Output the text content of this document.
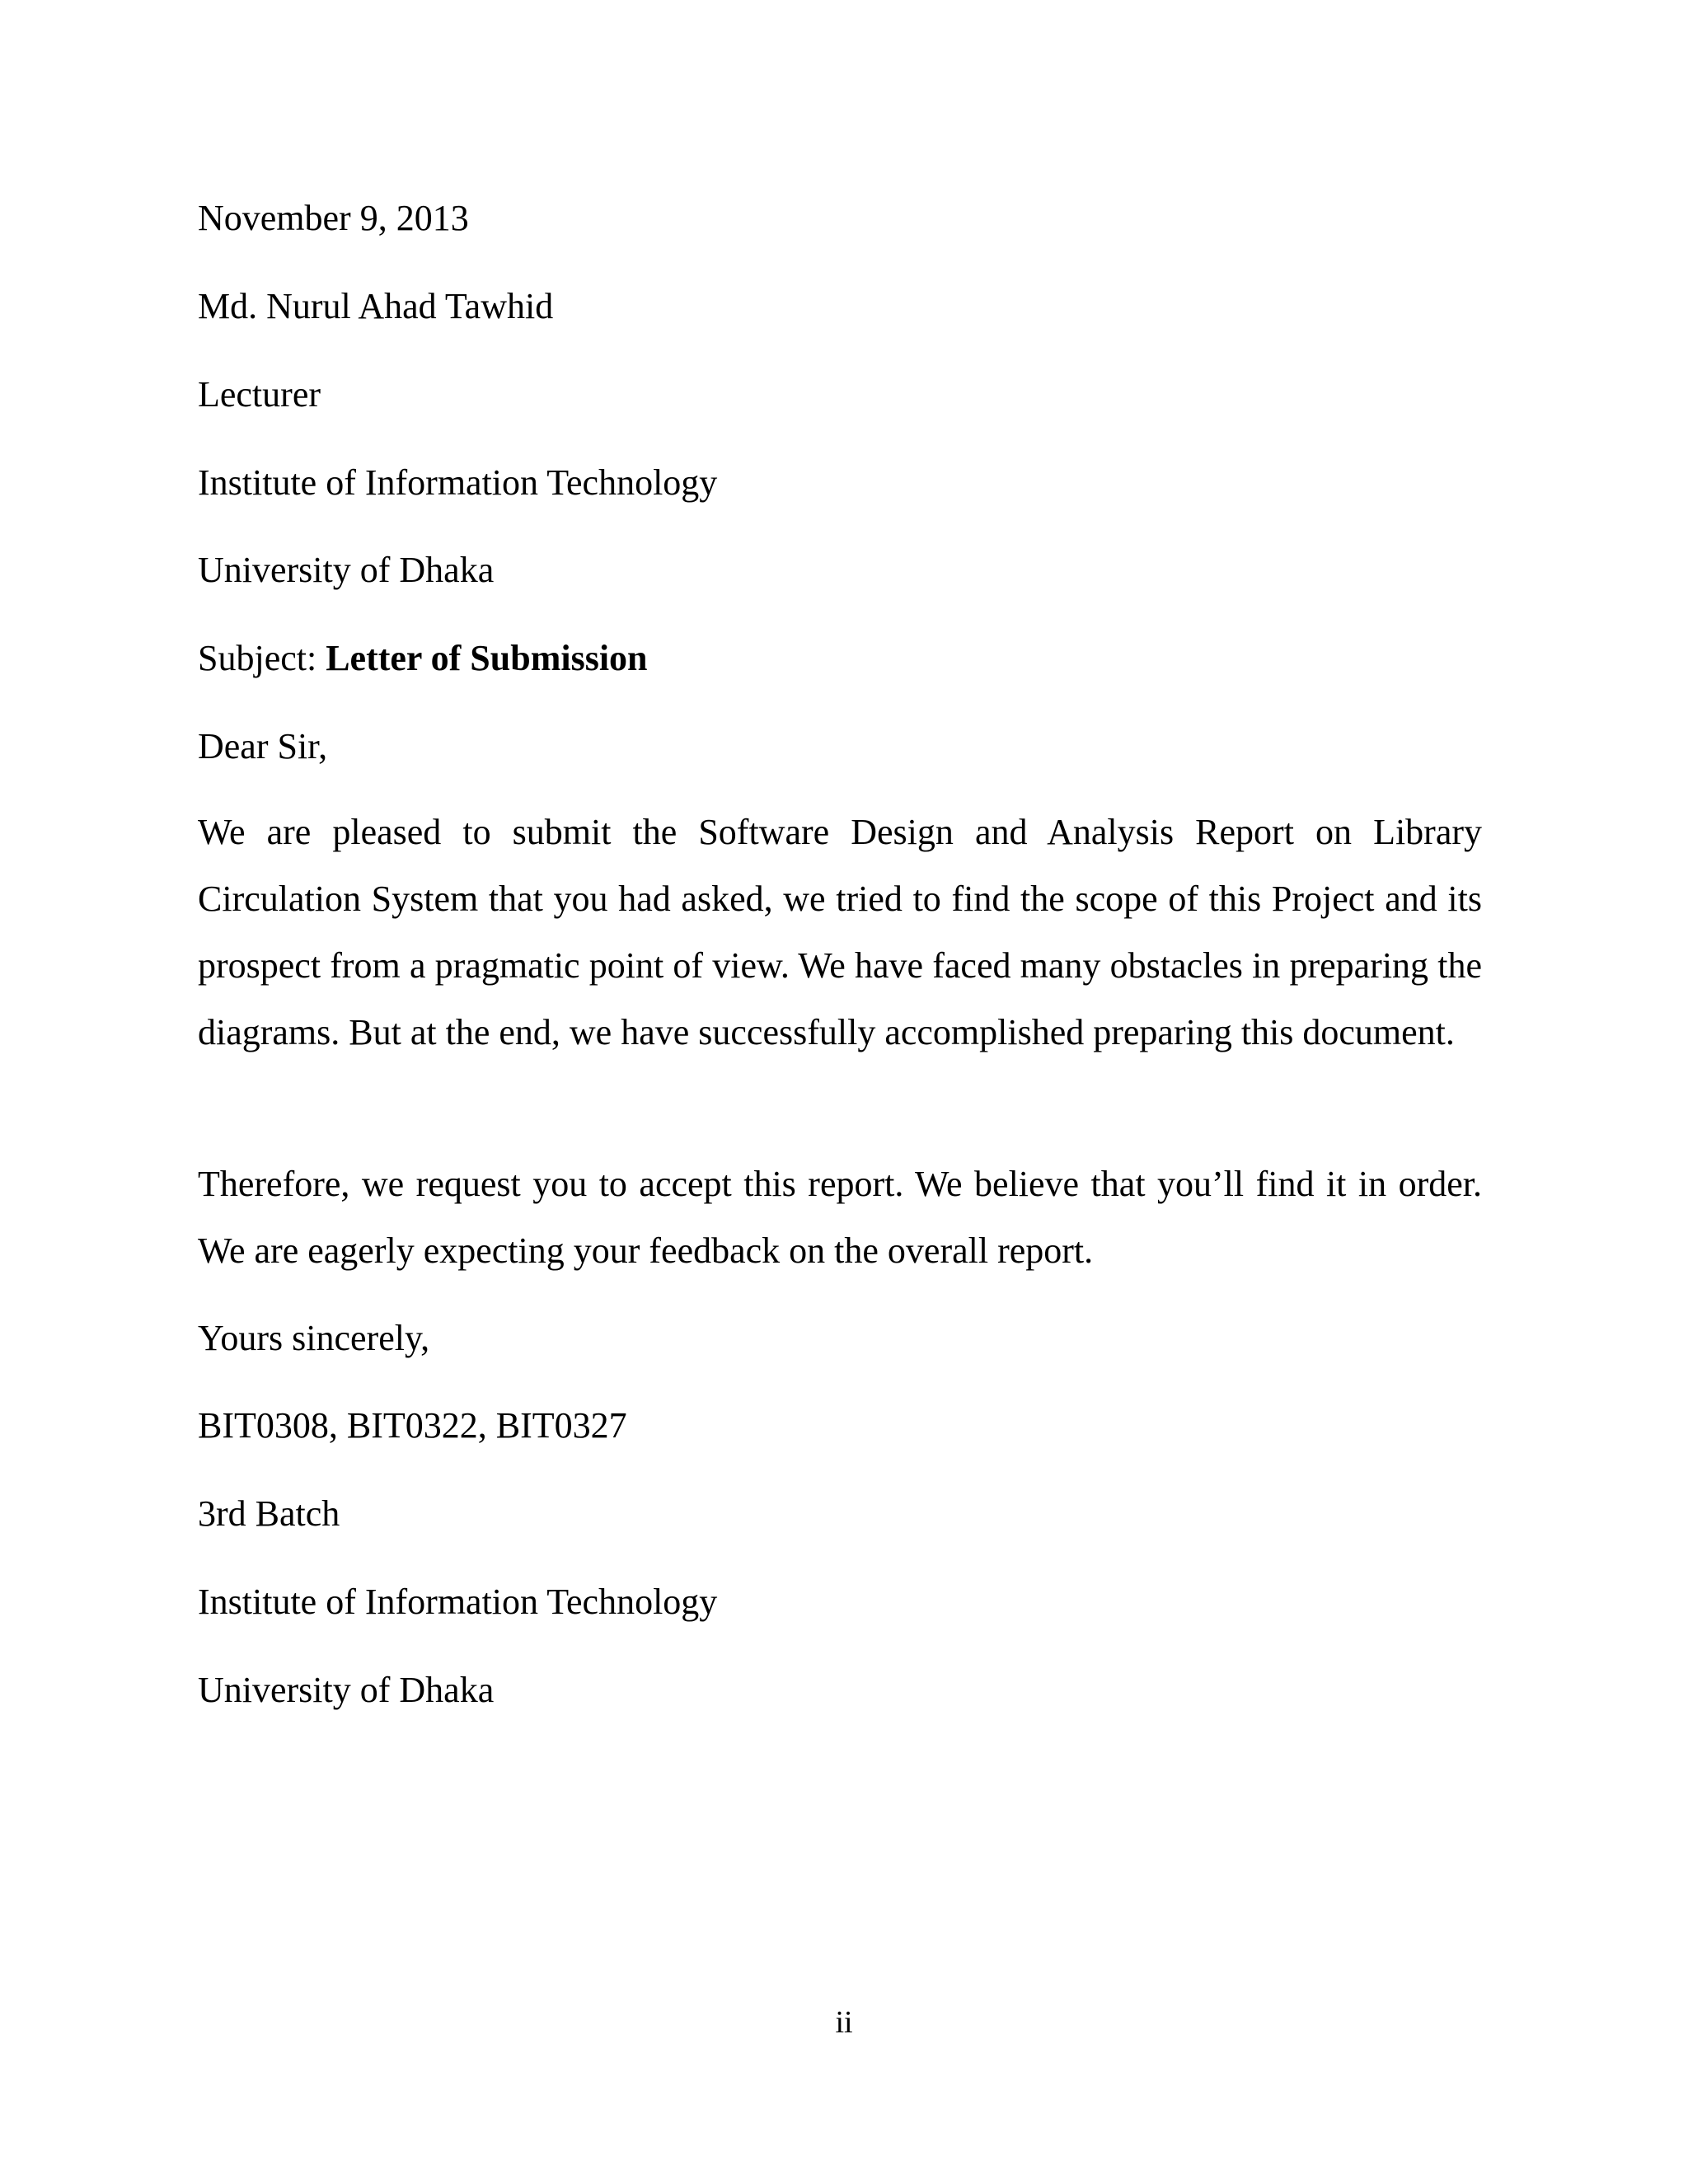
November 9, 2013
Md. Nurul Ahad Tawhid
Lecturer
Institute of Information Technology
University of Dhaka
Subject: Letter of Submission
Dear Sir,

We are pleased to submit the Software Design and Analysis Report on Library Circulation System that you had asked, we tried to find the scope of this Project and its prospect from a pragmatic point of view. We have faced many obstacles in preparing the diagrams. But at the end, we have successfully accomplished preparing this document.

Therefore, we request you to accept this report. We believe that you’ll find it in order. We are eagerly expecting your feedback on the overall report.

Yours sincerely,
BIT0308, BIT0322, BIT0327
3rd Batch
Institute of Information Technology
University of Dhaka
ii
